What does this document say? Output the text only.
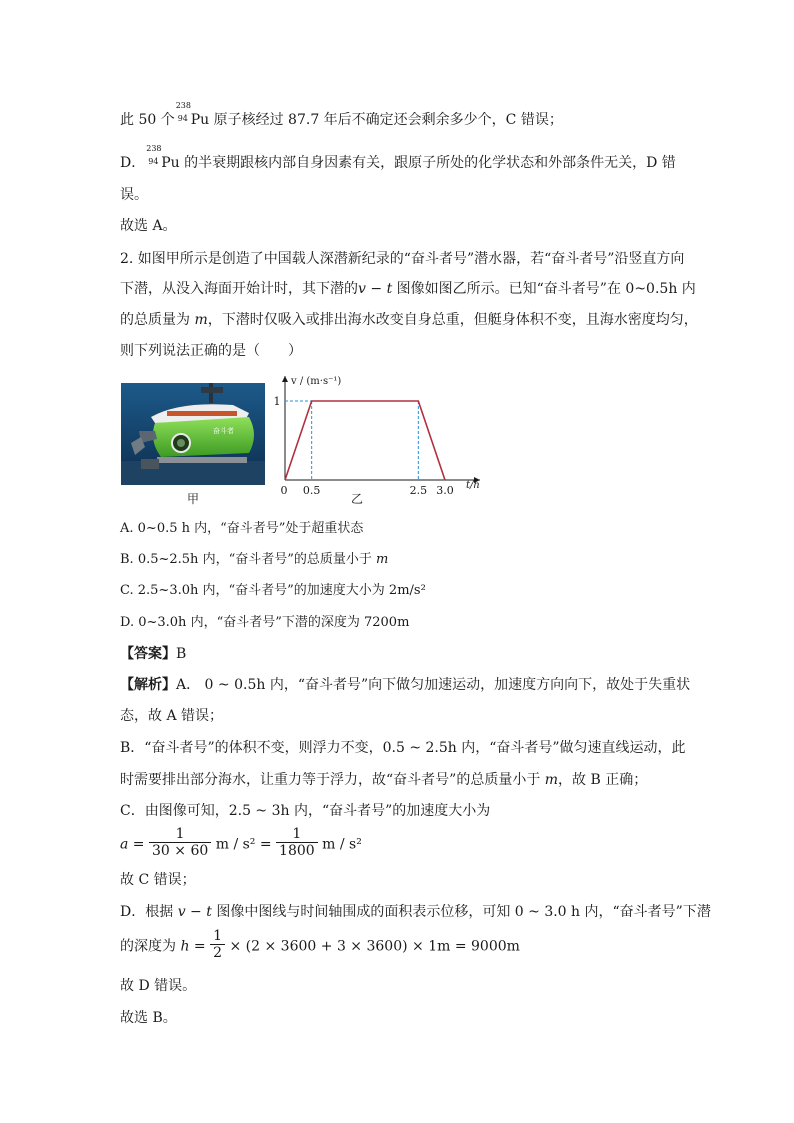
此 50 个
238
94 Pu 原子核经过 87.7 年后不确定还会剩余多少个，C 错误；
D．
238
94 Pu 的半衰期跟核内部自身因素有关，跟原子所处的化学状态和外部条件无关，D 错
误。
故选 A。
2. 如图甲所示是创造了中国载人深潜新纪录的“奋斗者号”潜水器，若“奋斗者号”沿竖直方向
下潜，从没入海面开始计时，其下潜的v − t 图像如图乙所示。已知“奋斗者号”在 0~0.5h 内
的总质量为 m，下潜时仅吸入或排出海水改变自身总重，但艇身体积不变，且海水密度均匀，
则下列说法正确的是（　　）
奋斗者
甲
0 0.5	2.5 3.0
1
v / (m·s⁻¹)
t/h
乙
A. 0~0.5 h 内，“奋斗者号”处于超重状态
B. 0.5~2.5h 内，“奋斗者号”的总质量小于 m
C. 2.5~3.0h 内，“奋斗者号”的加速度大小为 2m/s²
D. 0~3.0h 内，“奋斗者号”下潜的深度为 7200m
【答案】B
【解析】A． 0 ~ 0.5h 内，“奋斗者号”向下做匀加速运动，加速度方向向下，故处于失重状
态，故 A 错误；
B．“奋斗者号”的体积不变，则浮力不变，0.5 ~ 2.5h 内，“奋斗者号”做匀速直线运动，此
时需要排出部分海水，让重力等于浮力，故“奋斗者号”的总质量小于 m，故 B 正确；
C．由图像可知，2.5 ~ 3h 内，“奋斗者号”的加速度大小为
$a = \frac{1}{30 \times 60}$ $m / s^2 = \frac{1}{1800}$ m / s²
故 C 错误；
D．根据 v − t 图像中图线与时间轴围成的面积表示位移，可知 0 ~ 3.0 h 内，“奋斗者号”下潜
的深度为 $h = \frac{1}{2} \times (2 \times 3600 + 3 \times 3600) \times 1m = 9000m$
故 D 错误。
故选 B。
